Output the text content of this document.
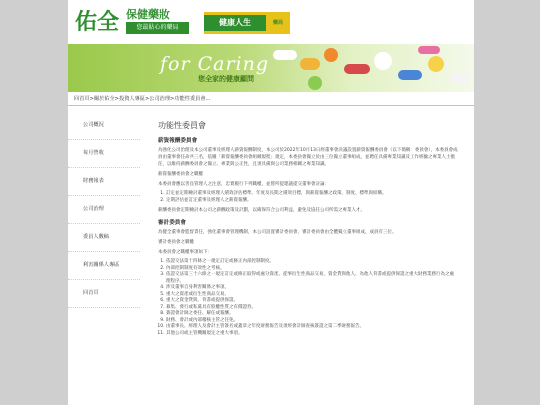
佑全 保健藥妝
您最貼心的藥局
健康人生	藥局
for Caring
您全家的健康顧問
回首頁>關於佑全>投資人專區>公司治理>功能性委員會...
公司概況
每月營收
財務報表
公司治理
委員人數稿
利害關係人專區
回首頁
功能性委員會
薪資報酬委員會

為強化公司治理及本公司董事及經理人薪資報酬制度，本公司於2022年10月13日經董事會決議設置薪資報酬委員會（以下簡稱：委員會），本委員會成員由董事會任命共三名，依據「薪資報酬委員會組織規程」規定，本委員會獨立於由三位獨立董事組成，並聘任具備專業知識及工作經驗之專業人士擔任，以維持薪酬委員會之獨立、專業與公正性，且須具備與公司業務相關之專業知識。

薪資報酬委員會之職權

本委員會應以善良管理人之注意，忠實履行下列職權，並將所提建議提交董事會討論：

1. 訂定並定期檢討董事及經理人績效評估標準、年度及長期之績效目標，與薪資報酬之政策、制度、標準與結構。
2. 定期評估並訂定董事及經理人之薪資報酬。

薪酬委員會定期檢討本公司之薪酬政策及計劃，以確保符合公司利益，避免及協任公司所需之專業人才。

審計委員會

為健全董事會監督責任，強化董事會管理機制，本公司設置審計委員會，審計委員會由全體獨立董事組成，成員有三位。

審計委員會之職權

本委員會之職權事項如下：

1. 依證交法第十四條之一規定訂定或修正內部控制制度。
2. 內部控制制度有效性之考核。
3. 依證交法第三十六條之一規定訂定或修正取得或處分資產、從事衍生性商品交易、資金貸與他人、為他人背書或提供保證之重大財務業務行為之處理程序。
4. 涉及董事自身利害關係之事項。
5. 重大之資產或衍生性商品交易。
6. 重大之資金貸與、背書或提供保證。
7. 募集、發行或私募具有股權性質之有價證券。
8. 簽證會計師之委任、解任或報酬。
9. 財務、會計或內部稽核主管之任免。
10. 由董事長、經理人及會計主管簽名或蓋章之年度財務報告及須經會計師查核簽證之第二季財務報告。
11. 其他公司或主管機關規定之重大事項。
